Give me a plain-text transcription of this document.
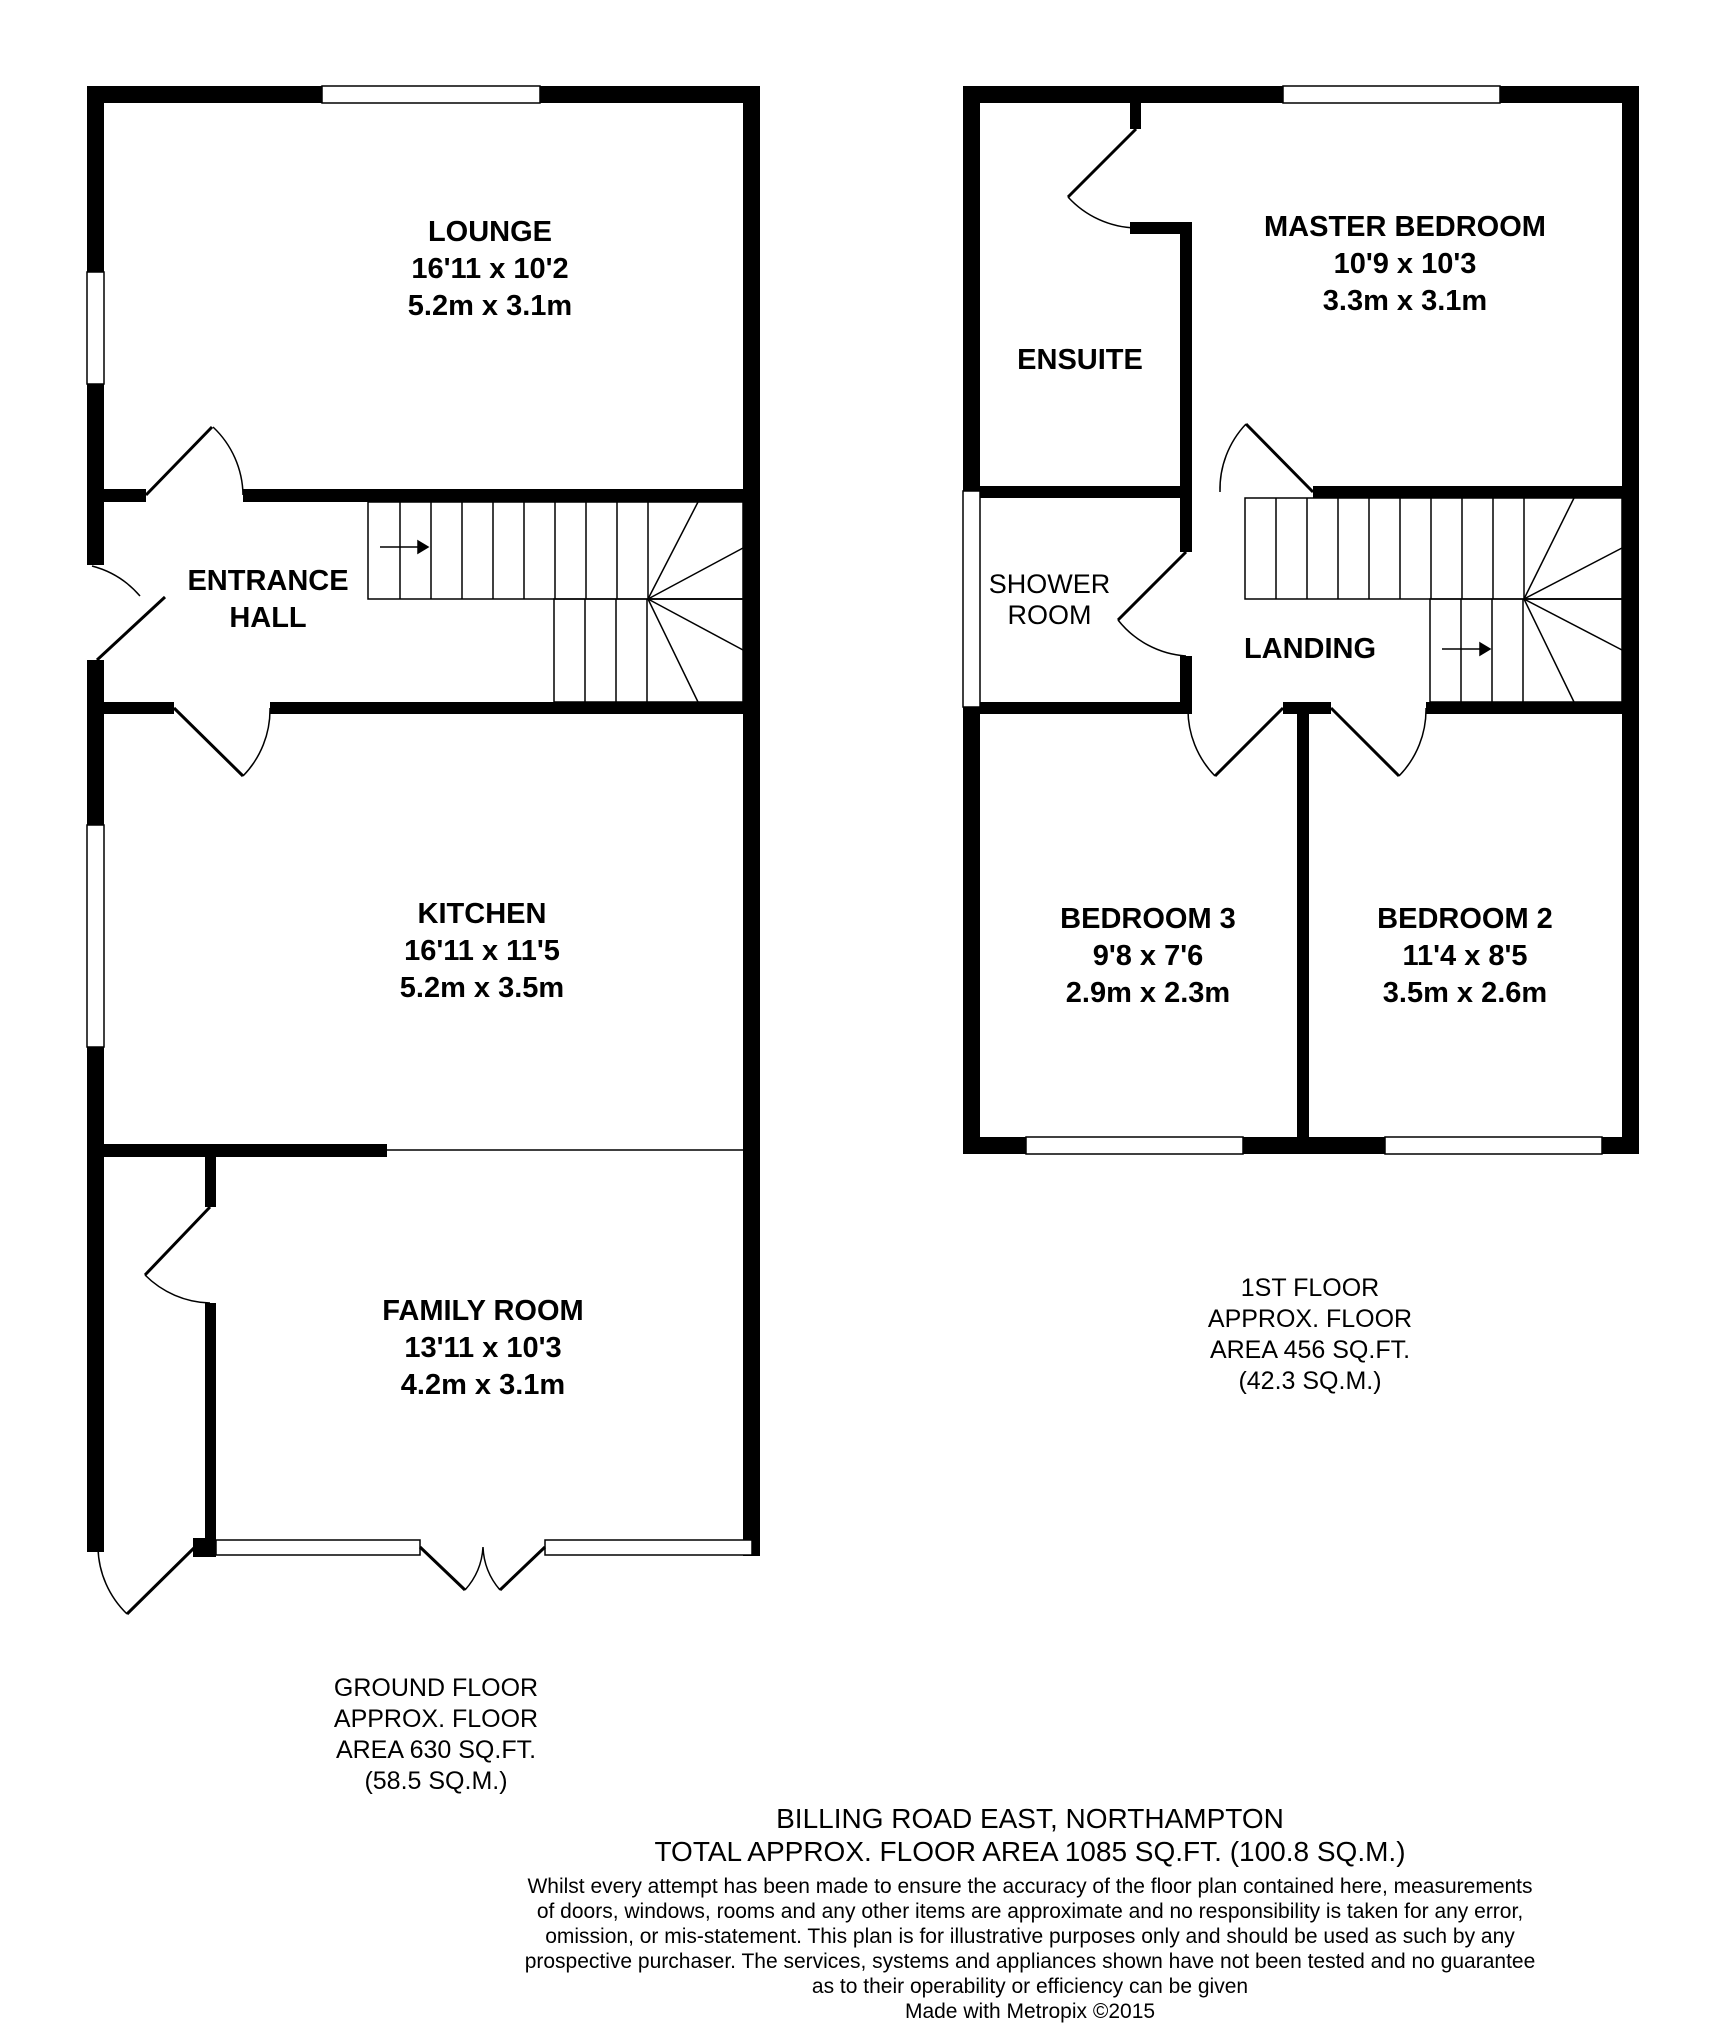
LOUNGE
16'11 x 10'2
5.2m x 3.1m
ENTRANCE
HALL
KITCHEN
16'11 x 11'5
5.2m x 3.5m
FAMILY ROOM
13'11 x 10'3
4.2m x 3.1m
MASTER BEDROOM
10'9 x 10'3
3.3m x 3.1m
ENSUITE
SHOWER
ROOM
LANDING
BEDROOM 3
9'8 x 7'6
2.9m x 2.3m
BEDROOM 2
11'4 x 8'5
3.5m x 2.6m
1ST FLOOR
APPROX. FLOOR
AREA 456 SQ.FT.
(42.3 SQ.M.)
GROUND FLOOR
APPROX. FLOOR
AREA 630 SQ.FT.
(58.5 SQ.M.)
BILLING ROAD EAST, NORTHAMPTON
TOTAL APPROX. FLOOR AREA 1085 SQ.FT. (100.8 SQ.M.)
Whilst every attempt has been made to ensure the accuracy of the floor plan contained here, measurements
of doors, windows, rooms and any other items are approximate and no responsibility is taken for any error,
omission, or mis-statement. This plan is for illustrative purposes only and should be used as such by any
prospective purchaser. The services, systems and appliances shown have not been tested and no guarantee
as to their operability or efficiency can be given
Made with Metropix ©2015
